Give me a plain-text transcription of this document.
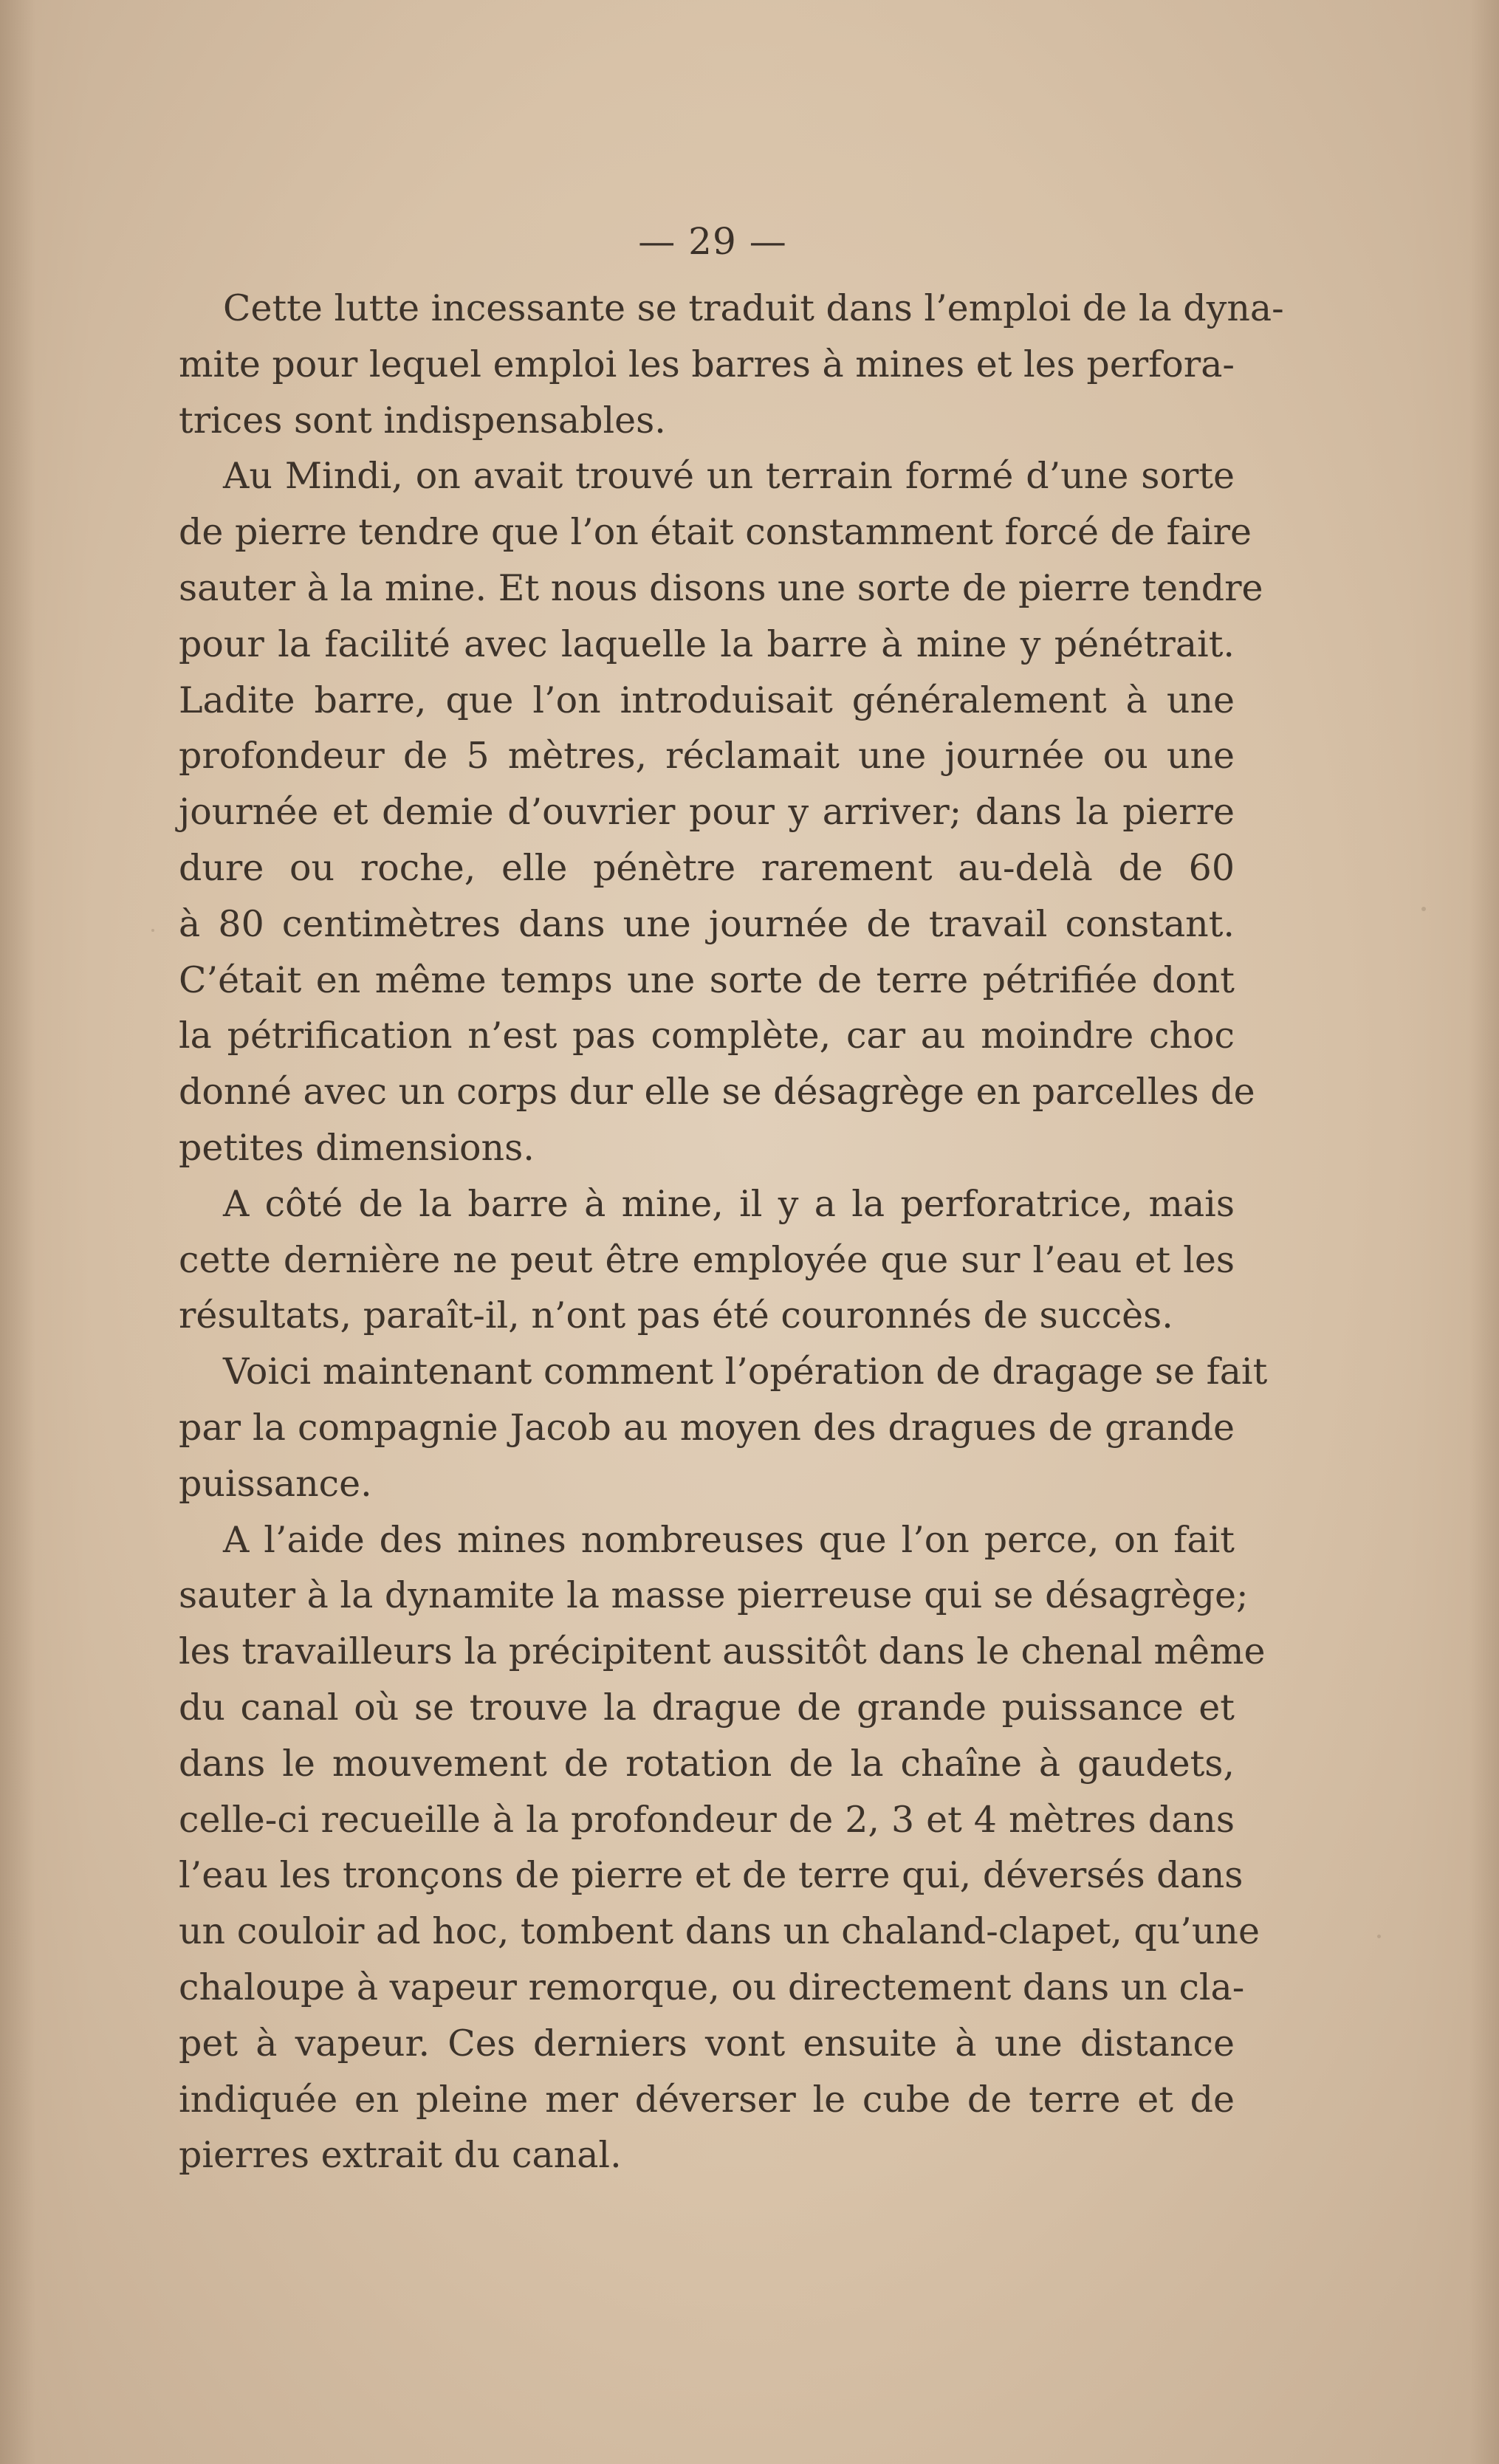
— 29 —
Cette lutte incessante se traduit dans l’emploi de la dyna-
mite pour lequel emploi les barres à mines et les perfora-
trices sont indispensables.
Au Mindi, on avait trouvé un terrain formé d’une sorte
de pierre tendre que l’on était constamment forcé de faire
sauter à la mine. Et nous disons une sorte de pierre tendre
pour la facilité avec laquelle la barre à mine y pénétrait.
Ladite barre, que l’on introduisait généralement à une
profondeur de 5 mètres, réclamait une journée ou une
journée et demie d’ouvrier pour y arriver; dans la pierre
dure ou roche, elle pénètre rarement au-delà de 60
à 80 centimètres dans une journée de travail constant.
C’était en même temps une sorte de terre pétrifiée dont
la pétrification n’est pas complète, car au moindre choc
donné avec un corps dur elle se désagrège en parcelles de
petites dimensions.
A côté de la barre à mine, il y a la perforatrice, mais
cette dernière ne peut être employée que sur l’eau et les
résultats, paraît-il, n’ont pas été couronnés de succès.
Voici maintenant comment l’opération de dragage se fait
par la compagnie Jacob au moyen des dragues de grande
puissance.
A l’aide des mines nombreuses que l’on perce, on fait
sauter à la dynamite la masse pierreuse qui se désagrège;
les travailleurs la précipitent aussitôt dans le chenal même
du canal où se trouve la drague de grande puissance et
dans le mouvement de rotation de la chaîne à gaudets,
celle-ci recueille à la profondeur de 2, 3 et 4 mètres dans
l’eau les tronçons de pierre et de terre qui, déversés dans
un couloir ad hoc, tombent dans un chaland-clapet, qu’une
chaloupe à vapeur remorque, ou directement dans un cla-
pet à vapeur. Ces derniers vont ensuite à une distance
indiquée en pleine mer déverser le cube de terre et de
pierres extrait du canal.
